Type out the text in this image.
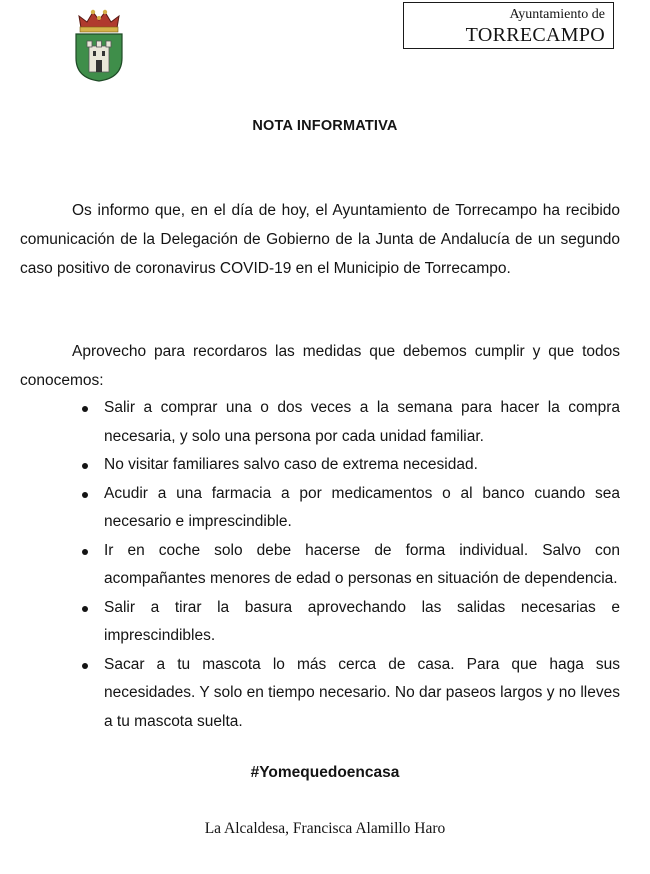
Ayuntamiento de
TORRECAMPO
NOTA INFORMATIVA

Os informo que, en el día de hoy, el Ayuntamiento de Torrecampo ha recibido comunicación de la Delegación de Gobierno de la Junta de Andalucía de un segundo caso positivo de coronavirus COVID-19 en el Municipio de Torrecampo.

Aprovecho para recordaros las medidas que debemos cumplir y que todos conocemos:

Salir a comprar una o dos veces a la semana para hacer la compra necesaria, y solo una persona por cada unidad familiar.
No visitar familiares salvo caso de extrema necesidad.
Acudir a una farmacia a por medicamentos o al banco cuando sea necesario e imprescindible.
Ir en coche solo debe hacerse de forma individual. Salvo con acompañantes menores de edad o personas en situación de dependencia.
Salir a tirar la basura aprovechando las salidas necesarias e imprescindibles.
Sacar a tu mascota lo más cerca de casa. Para que haga sus necesidades. Y solo en tiempo necesario. No dar paseos largos y no lleves a tu mascota suelta.
#Yomequedoencasa
La Alcaldesa, Francisca Alamillo Haro
